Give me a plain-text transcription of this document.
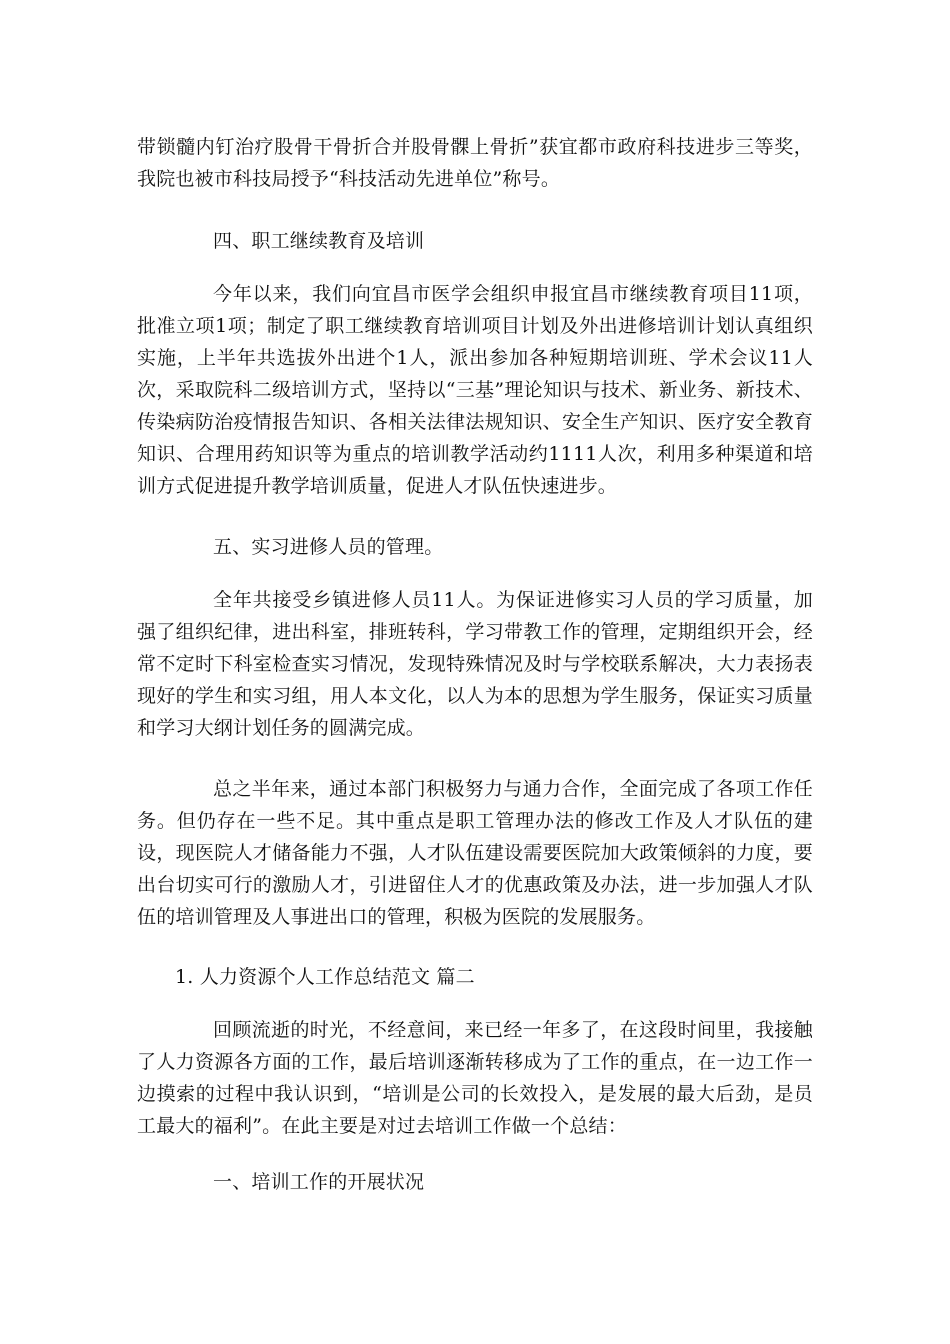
带锁髓内钉治疗股骨干骨折合并股骨髁上骨折”获宜都市政府科技进步三等奖，我院也被市科技局授予“科技活动先进单位”称号。

四、职工继续教育及培训

今年以来，我们向宜昌市医学会组织申报宜昌市继续教育项目11项，批准立项1项；制定了职工继续教育培训项目计划及外出进修培训计划认真组织实施，上半年共选拔外出进个1人，派出参加各种短期培训班、学术会议11人次，采取院科二级培训方式，坚持以“三基”理论知识与技术、新业务、新技术、传染病防治疫情报告知识、各相关法律法规知识、安全生产知识、医疗安全教育知识、合理用药知识等为重点的培训教学活动约1111人次，利用多种渠道和培训方式促进提升教学培训质量，促进人才队伍快速进步。

五、实习进修人员的管理。

全年共接受乡镇进修人员11人。为保证进修实习人员的学习质量，加强了组织纪律，进出科室，排班转科，学习带教工作的管理，定期组织开会，经常不定时下科室检查实习情况，发现特殊情况及时与学校联系解决，大力表扬表现好的学生和实习组，用人本文化，以人为本的思想为学生服务，保证实习质量和学习大纲计划任务的圆满完成。

总之半年来，通过本部门积极努力与通力合作，全面完成了各项工作任务。但仍存在一些不足。其中重点是职工管理办法的修改工作及人才队伍的建设，现医院人才储备能力不强，人才队伍建设需要医院加大政策倾斜的力度，要出台切实可行的激励人才，引进留住人才的优惠政策及办法，进一步加强人才队伍的培训管理及人事进出口的管理，积极为医院的发展服务。

1. 人力资源个人工作总结范文 篇二

回顾流逝的时光，不经意间，来已经一年多了，在这段时间里，我接触了人力资源各方面的工作，最后培训逐渐转移成为了工作的重点，在一边工作一边摸索的过程中我认识到，“培训是公司的长效投入，是发展的最大后劲，是员工最大的福利”。在此主要是对过去培训工作做一个总结：

一、培训工作的开展状况
